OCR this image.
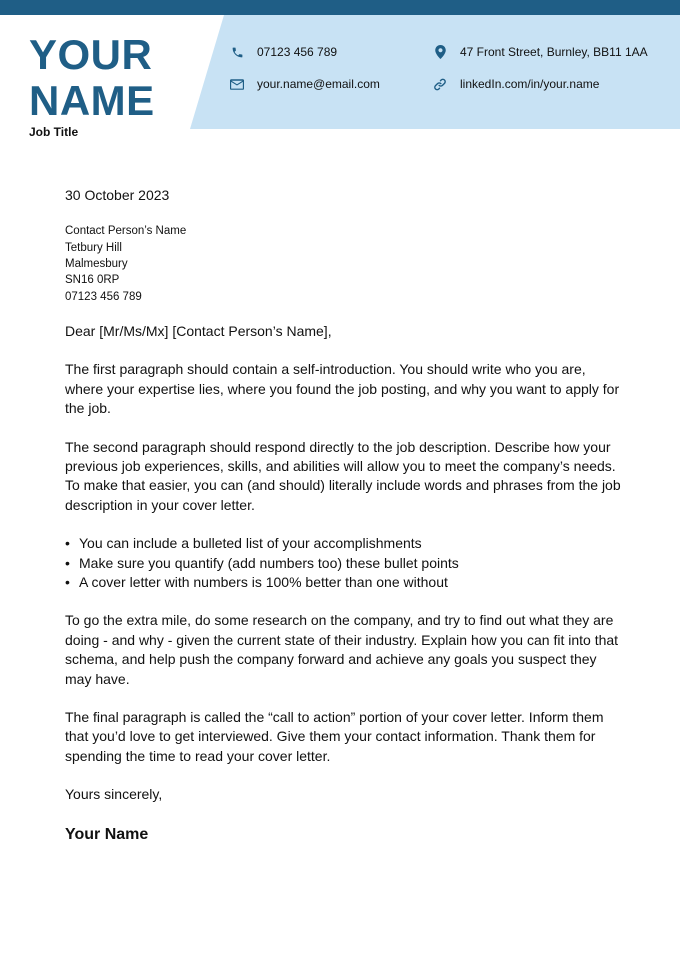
YOUR
NAME
Job Title
07123 456 789
your.name@email.com
47 Front Street, Burnley, BB11 1AA
linkedIn.com/in/your.name
30 October 2023
Contact Person’s Name
Tetbury Hill
Malmesbury
SN16 0RP
07123 456 789
Dear [Mr/Ms/Mx] [Contact Person’s Name],

The first paragraph should contain a self-introduction. You should write who you are, where your expertise lies, where you found the job posting, and why you want to apply for the job.

The second paragraph should respond directly to the job description. Describe how your previous job experiences, skills, and abilities will allow you to meet the company’s needs. To make that easier, you can (and should) literally include words and phrases from the job description in your cover letter.

• You can include a bulleted list of your accomplishments
• Make sure you quantify (add numbers too) these bullet points
• A cover letter with numbers is 100% better than one without

To go the extra mile, do some research on the company, and try to find out what they are doing - and why - given the current state of their industry. Explain how you can fit into that schema, and help push the company forward and achieve any goals you suspect they may have.

The final paragraph is called the “call to action” portion of your cover letter. Inform them that you’d love to get interviewed. Give them your contact information. Thank them for spending the time to read your cover letter.

Yours sincerely,
Your Name
